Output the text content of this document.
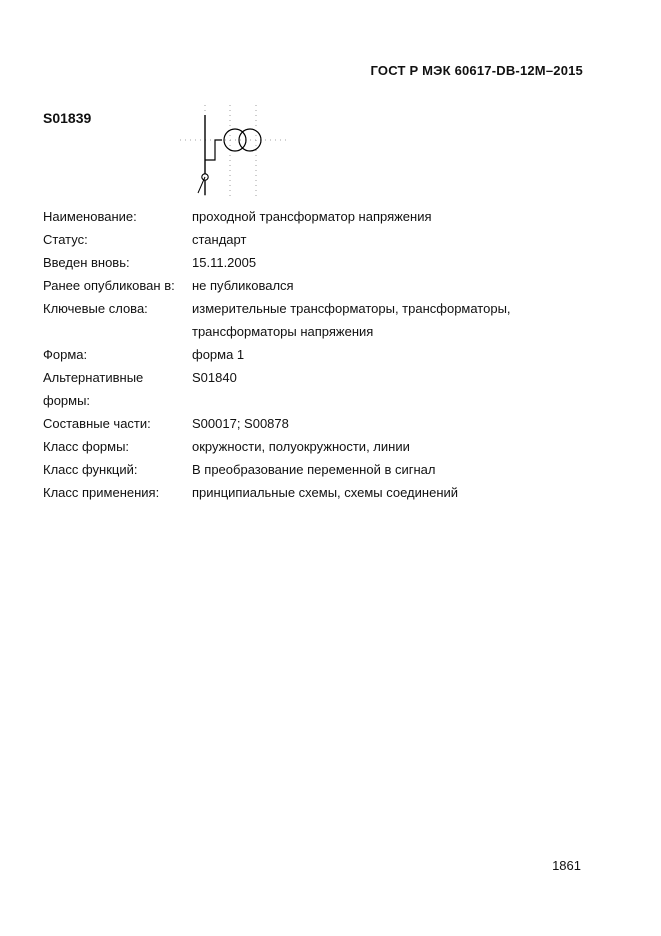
ГОСТ Р МЭК 60617-DB-12M–2015
S01839
Наименование:	проходной трансформатор напряжения
Статус:	стандарт
Введен вновь:	15.11.2005
Ранее опубликован в:	не публиковался
Ключевые слова:	измерительные трансформаторы, трансформаторы, трансформаторы напряжения
Форма:	форма 1
Альтернативные формы:
S01840
Составные части:	S00017; S00878
Класс формы:	окружности, полуокружности, линии
Класс функций:	B преобразование переменной в сигнал
Класс применения:	принципиальные схемы, схемы соединений
1861
